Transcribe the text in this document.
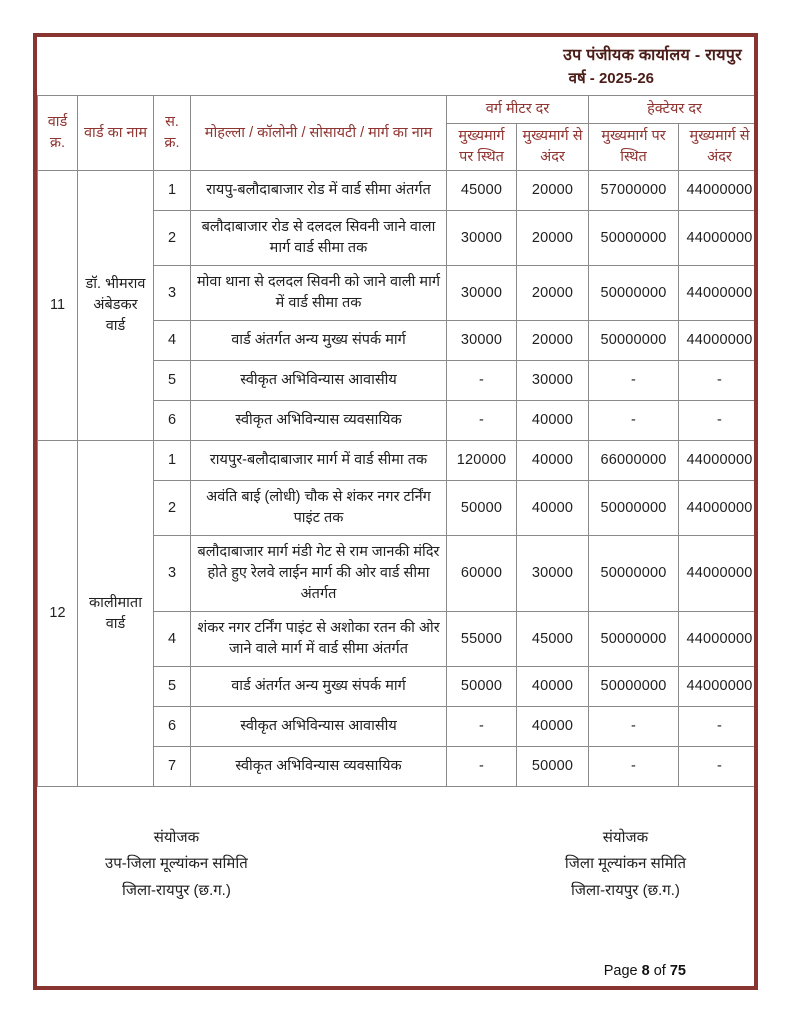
उप पंजीयक कार्यालय - रायपुर
वर्ष - 2025-26
वार्ड क्र.	वार्ड का नाम	स. क्र.	मोहल्ला / कॉलोनी / सोसायटी / मार्ग का नाम	वर्ग मीटर दर		हेक्टेयर दर	
				मुख्यमार्ग पर स्थित	मुख्यमार्ग से अंदर	मुख्यमार्ग पर स्थित	मुख्यमार्ग से अंदर
11	डॉ. भीमराव अंबेडकर वार्ड	1	रायपु-बलौदाबाजार रोड में वार्ड सीमा अंतर्गत	45000	20000	57000000	44000000
		2	बलौदाबाजार रोड से दलदल सिवनी जाने वाला मार्ग वार्ड सीमा तक	30000	20000	50000000	44000000
		3	मोवा थाना से दलदल सिवनी को जाने वाली मार्ग में वार्ड सीमा तक	30000	20000	50000000	44000000
		4	वार्ड अंतर्गत अन्य मुख्य संपर्क मार्ग	30000	20000	50000000	44000000
		5	स्वीकृत अभिविन्यास आवासीय	-	30000	-	-
		6	स्वीकृत अभिविन्यास व्यवसायिक	-	40000	-	-
12	कालीमाता वार्ड	1	रायपुर-बलौदाबाजार मार्ग में वार्ड सीमा तक	120000	40000	66000000	44000000
		2	अवंति बाई (लोधी) चौक से शंकर नगर टर्निंग पाइंट तक	50000	40000	50000000	44000000
		3	बलौदाबाजार मार्ग मंडी गेट से राम जानकी मंदिर होते हुए रेलवे लाईन मार्ग की ओर वार्ड सीमा अंतर्गत	60000	30000	50000000	44000000
		4	शंकर नगर टर्निंग पाइंट से अशोका रतन की ओर जाने वाले मार्ग में वार्ड सीमा अंतर्गत	55000	45000	50000000	44000000
		5	वार्ड अंतर्गत अन्य मुख्य संपर्क मार्ग	50000	40000	50000000	44000000
		6	स्वीकृत अभिविन्यास आवासीय	-	40000	-	-
		7	स्वीकृत अभिविन्यास व्यवसायिक	-	50000	-	-
संयोजक
उप-जिला मूल्यांकन समिति
जिला-रायपुर (छ.ग.)
संयोजक
जिला मूल्यांकन समिति
जिला-रायपुर (छ.ग.)
Page 8 of 75
